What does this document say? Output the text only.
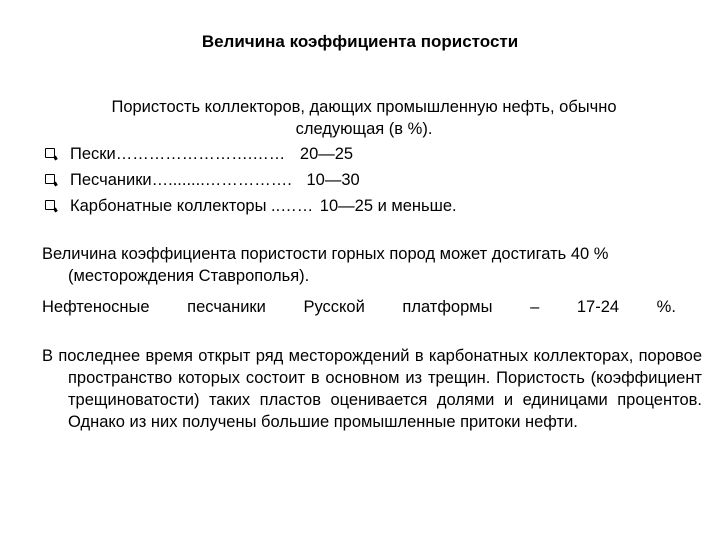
Величина коэффициента пористости
Пористость коллекторов, дающих промышленную нефть, обычно следующая (в %).
Пески…………………….…… 20—25
Песчаники…........……………. 10—30
Карбонатные коллекторы ..…… 10—25 и меньше.
Величина коэффициента пористости горных пород может достигать 40 % (месторождения Ставрополья).
Нефтеносные песчаники Русской платформы – 17-24 %.
В последнее время открыт ряд месторождений в карбонатных коллекторах, поровое пространство которых состоит в основном из трещин. Пористость (коэффициент трещиноватости) таких пластов оценивается долями и единицами процентов. Однако из них получены большие промышленные притоки нефти.
